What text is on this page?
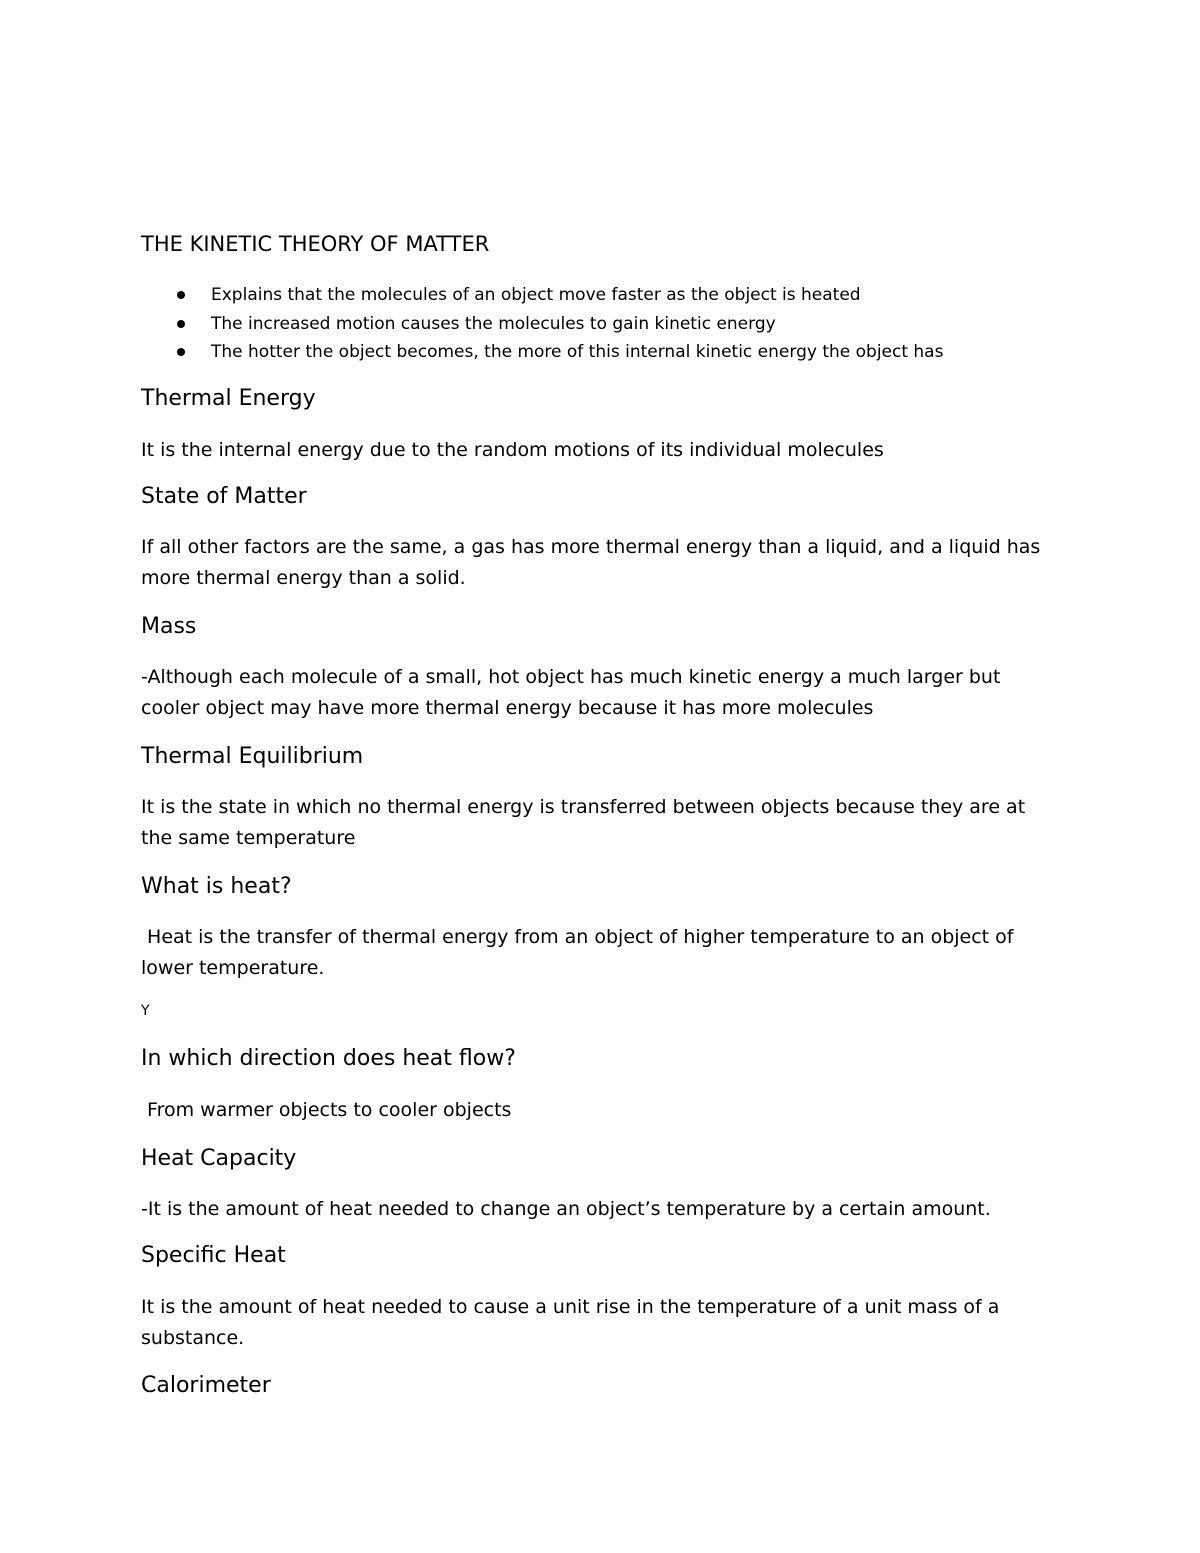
THE KINETIC THEORY OF MATTER
Explains that the molecules of an object move faster as the object is heated
The increased motion causes the molecules to gain kinetic energy
The hotter the object becomes, the more of this internal kinetic energy the object has
Thermal Energy
It is the internal energy due to the random motions of its individual molecules
State of Matter
If all other factors are the same, a gas has more thermal energy than a liquid, and a liquid has more thermal energy than a solid.
Mass
-Although each molecule of a small, hot object has much kinetic energy a much larger but cooler object may have more thermal energy because it has more molecules
Thermal Equilibrium
It is the state in which no thermal energy is transferred between objects because they are at the same temperature
What is heat?
Heat is the transfer of thermal energy from an object of higher temperature to an object of lower temperature.
Y
In which direction does heat flow?
From warmer objects to cooler objects
Heat Capacity
-It is the amount of heat needed to change an object’s temperature by a certain amount.
Specific Heat
It is the amount of heat needed to cause a unit rise in the temperature of a unit mass of a substance.
Calorimeter
